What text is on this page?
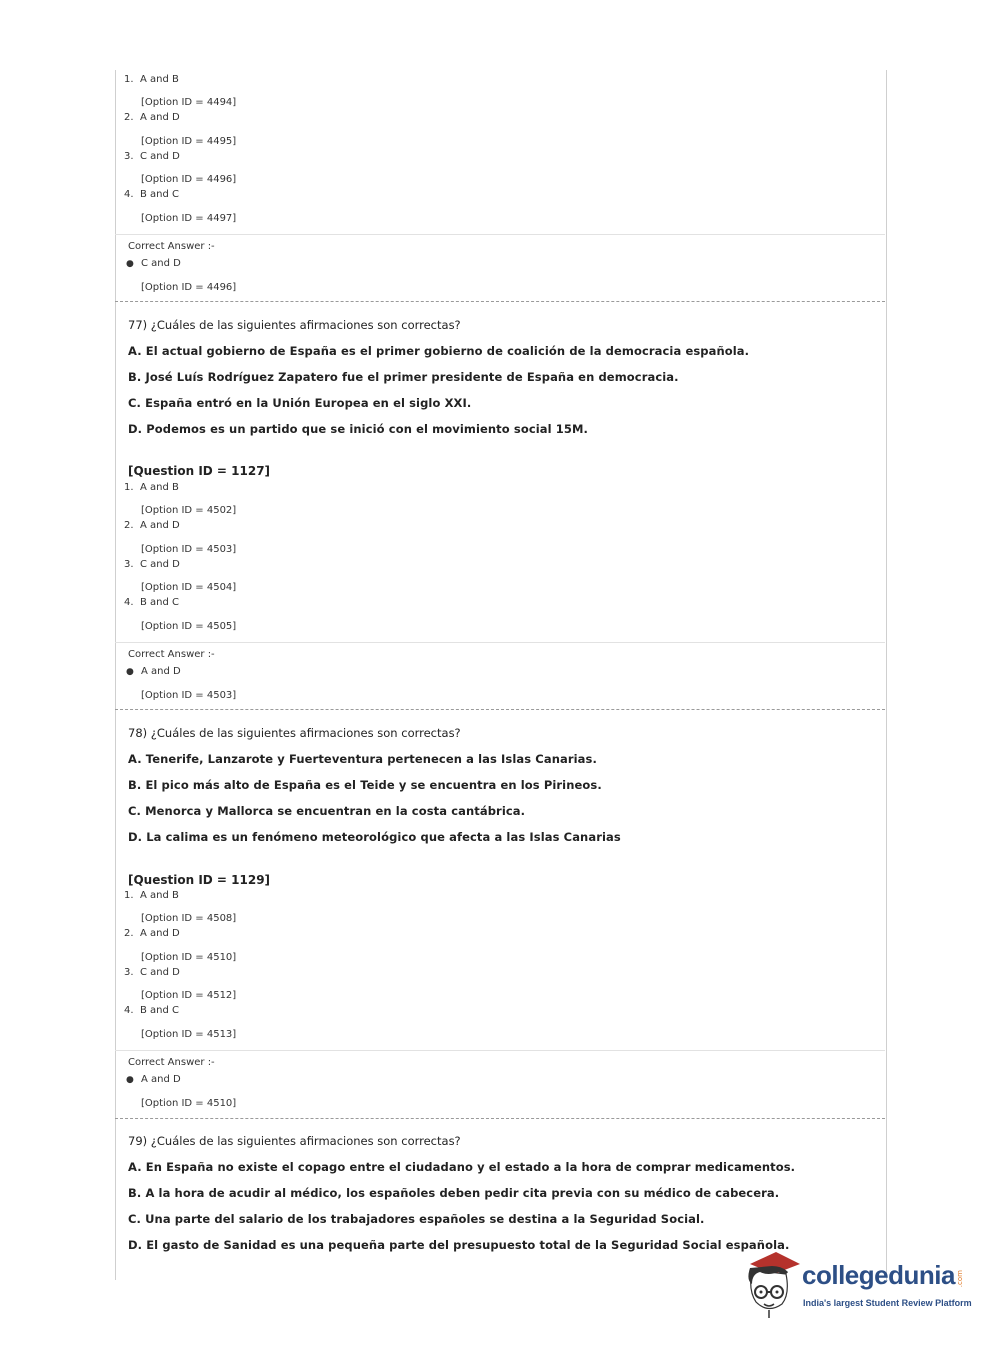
1. A and B
[Option ID = 4494]
2. A and D
[Option ID = 4495]
3. C and D
[Option ID = 4496]
4. B and C
[Option ID = 4497]
Correct Answer :-
● C and D
[Option ID = 4496]
77) ¿Cuáles de las siguientes afirmaciones son correctas?
A. El actual gobierno de España es el primer gobierno de coalición de la democracia española.
B. José Luís Rodríguez Zapatero fue el primer presidente de España en democracia.
C. España entró en la Unión Europea en el siglo XXI.
D. Podemos es un partido que se inició con el movimiento social 15M.
[Question ID = 1127]
1. A and B
[Option ID = 4502]
2. A and D
[Option ID = 4503]
3. C and D
[Option ID = 4504]
4. B and C
[Option ID = 4505]
Correct Answer :-
● A and D
[Option ID = 4503]
78) ¿Cuáles de las siguientes afirmaciones son correctas?
A. Tenerife, Lanzarote y Fuerteventura pertenecen a las Islas Canarias.
B. El pico más alto de España es el Teide y se encuentra en los Pirineos.
C. Menorca y Mallorca se encuentran en la costa cantábrica.
D. La calima es un fenómeno meteorológico que afecta a las Islas Canarias
[Question ID = 1129]
1. A and B
[Option ID = 4508]
2. A and D
[Option ID = 4510]
3. C and D
[Option ID = 4512]
4. B and C
[Option ID = 4513]
Correct Answer :-
● A and D
[Option ID = 4510]
79) ¿Cuáles de las siguientes afirmaciones son correctas?
A. En España no existe el copago entre el ciudadano y el estado a la hora de comprar medicamentos.
B. A la hora de acudir al médico, los españoles deben pedir cita previa con su médico de cabecera.
C. Una parte del salario de los trabajadores españoles se destina a la Seguridad Social.
D. El gasto de Sanidad es una pequeña parte del presupuesto total de la Seguridad Social española.
collegedunia .com
India's largest Student Review Platform
